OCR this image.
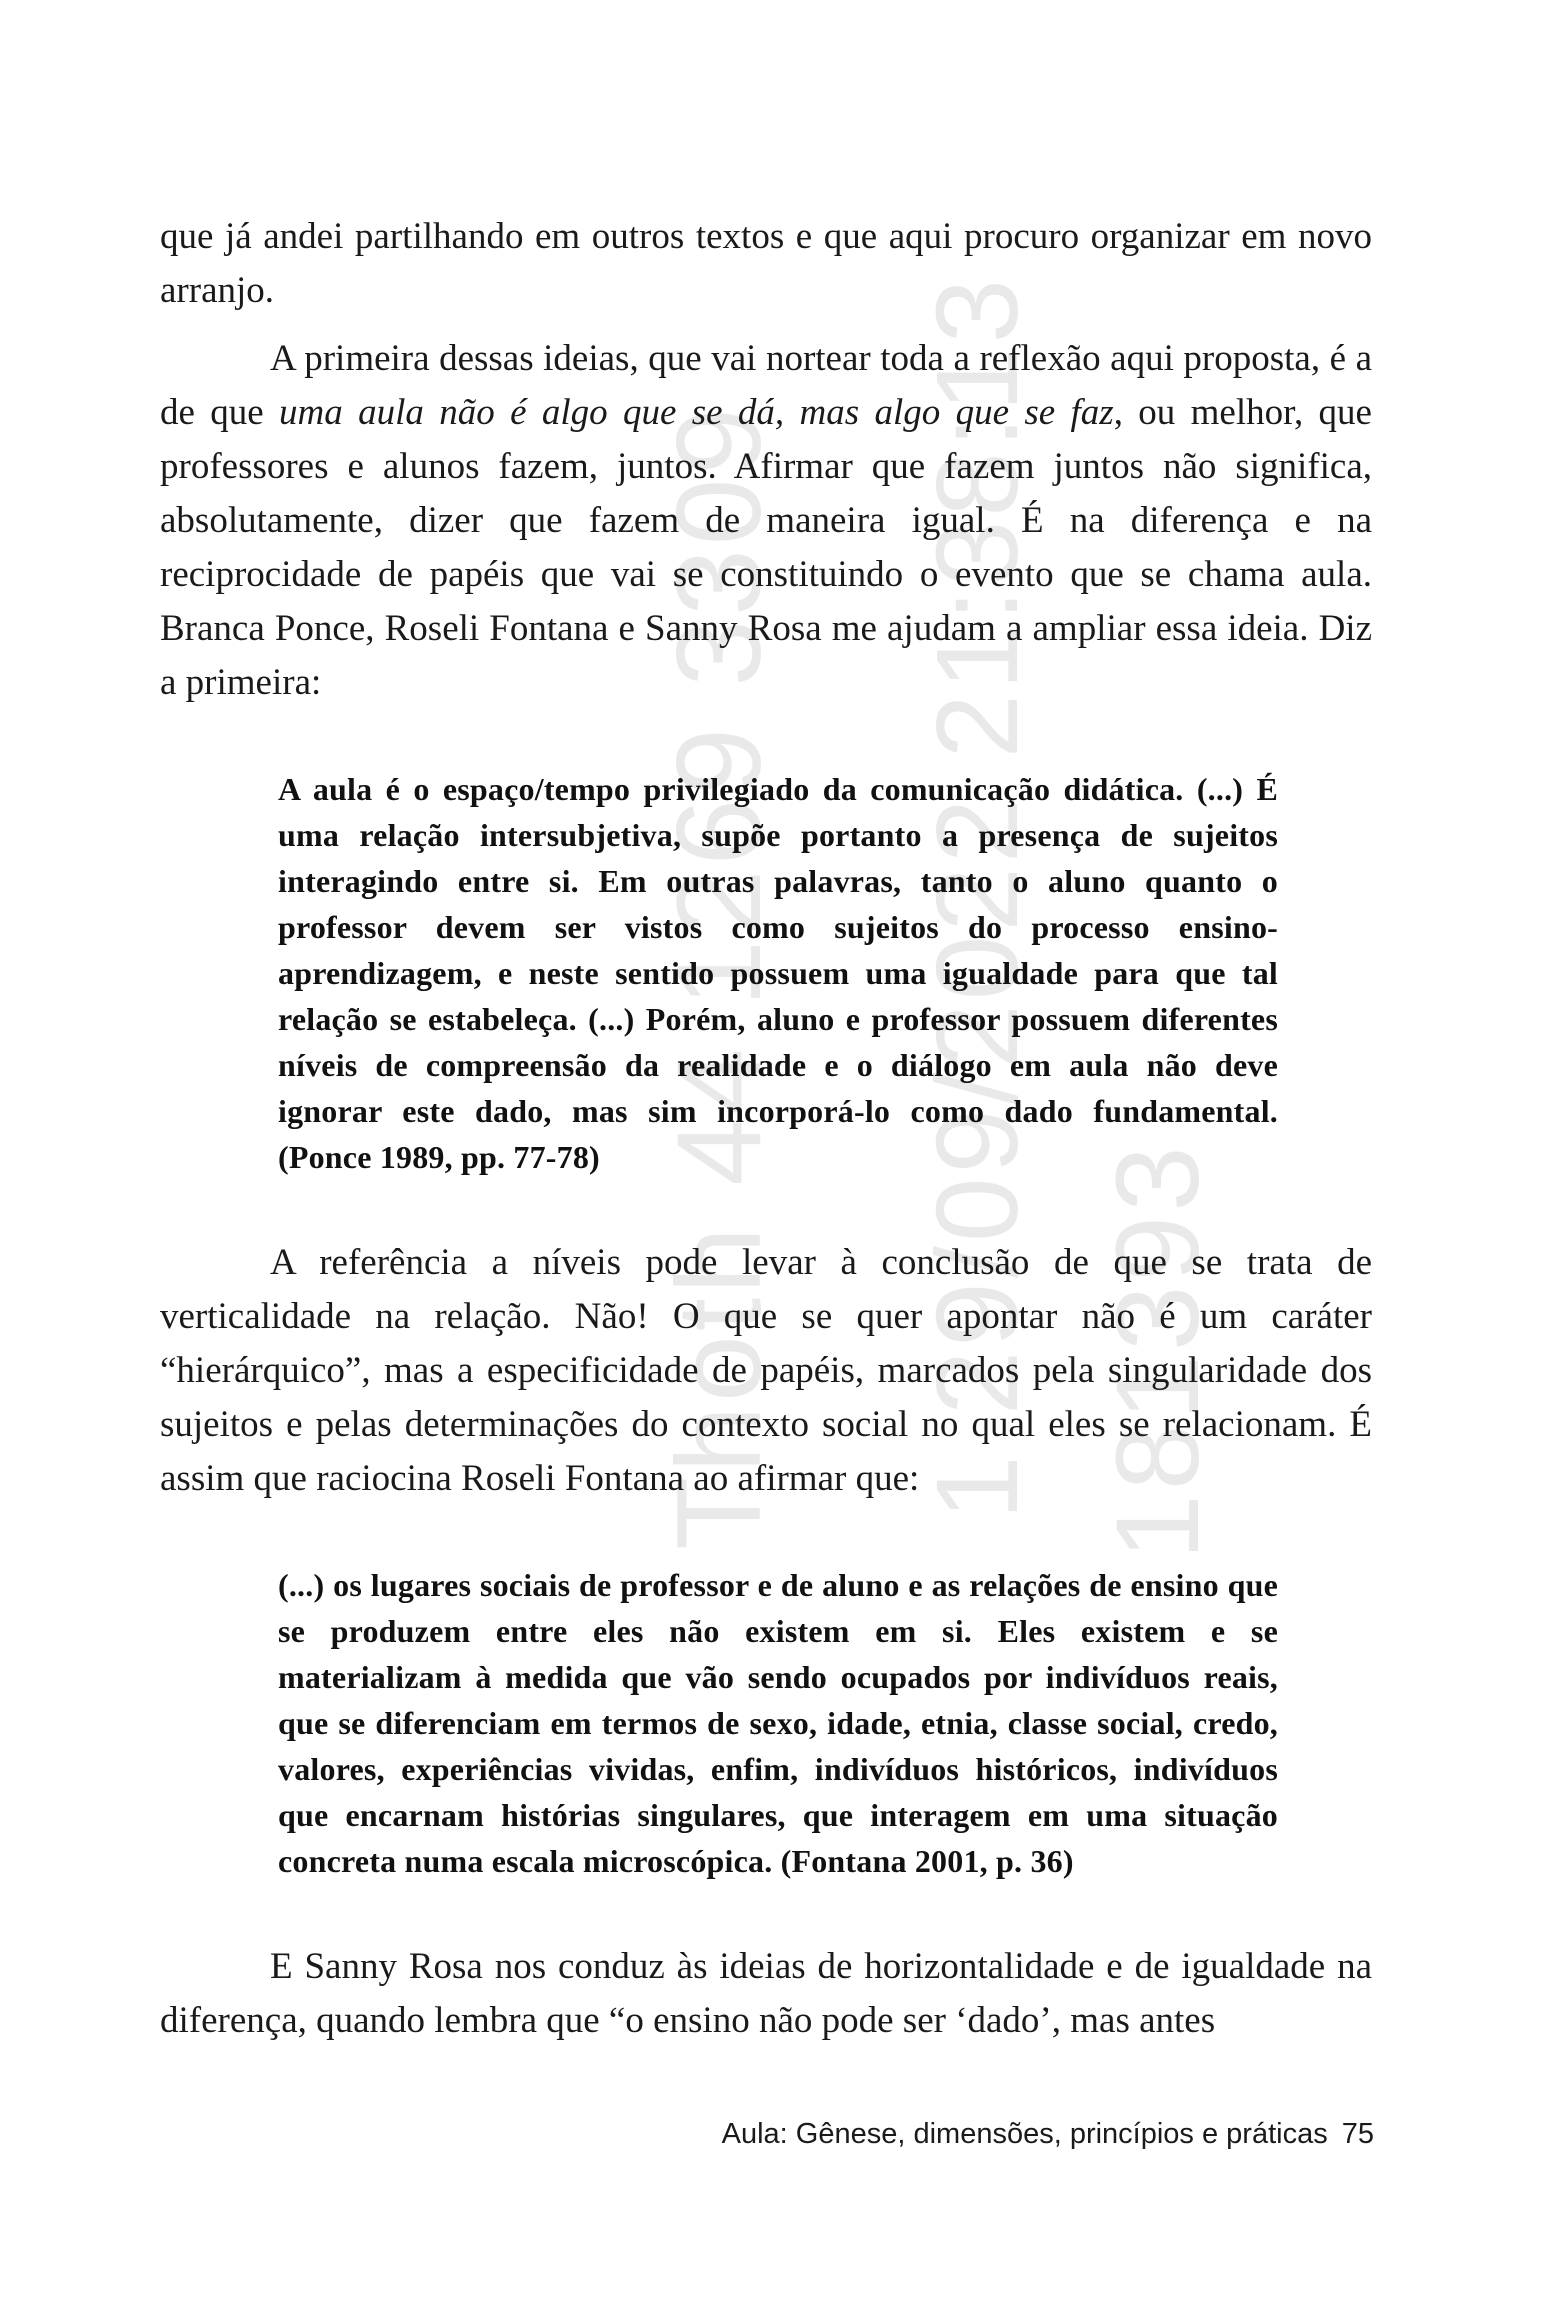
Thoth 44 1269 3309 1 29/09/2022 21:38:13 181393

que já andei partilhando em outros textos e que aqui procuro organizar em novo arranjo.

A primeira dessas ideias, que vai nortear toda a reflexão aqui proposta, é a de que uma aula não é algo que se dá, mas algo que se faz, ou melhor, que professores e alunos fazem, juntos. Afirmar que fazem juntos não significa, absolutamente, dizer que fazem de maneira igual. É na diferença e na reciprocidade de papéis que vai se constituindo o evento que se chama aula. Branca Ponce, Roseli Fontana e Sanny Rosa me ajudam a ampliar essa ideia. Diz a primeira:

A aula é o espaço/tempo privilegiado da comunicação didática. (...) É uma relação intersubjetiva, supõe portanto a presença de sujeitos interagindo entre si. Em outras palavras, tanto o aluno quanto o professor devem ser vistos como sujeitos do processo ensino-aprendizagem, e neste sentido possuem uma igualdade para que tal relação se estabeleça. (...) Porém, aluno e professor possuem diferentes níveis de compreensão da realidade e o diálogo em aula não deve ignorar este dado, mas sim incorporá-lo como dado fundamental. (Ponce 1989, pp. 77-78)

A referência a níveis pode levar à conclusão de que se trata de verticalidade na relação. Não! O que se quer apontar não é um caráter “hierárquico”, mas a especificidade de papéis, marcados pela singularidade dos sujeitos e pelas determinações do contexto social no qual eles se relacionam. É assim que raciocina Roseli Fontana ao afirmar que:

(...) os lugares sociais de professor e de aluno e as relações de ensino que se produzem entre eles não existem em si. Eles existem e se materializam à medida que vão sendo ocupados por indivíduos reais, que se diferenciam em termos de sexo, idade, etnia, classe social, credo, valores, experiências vividas, enfim, indivíduos históricos, indivíduos que encarnam histórias singulares, que interagem em uma situação concreta numa escala microscópica. (Fontana 2001, p. 36)

E Sanny Rosa nos conduz às ideias de horizontalidade e de igualdade na diferença, quando lembra que “o ensino não pode ser ‘dado’, mas antes

Aula: Gênese, dimensões, princípios e práticas 75
